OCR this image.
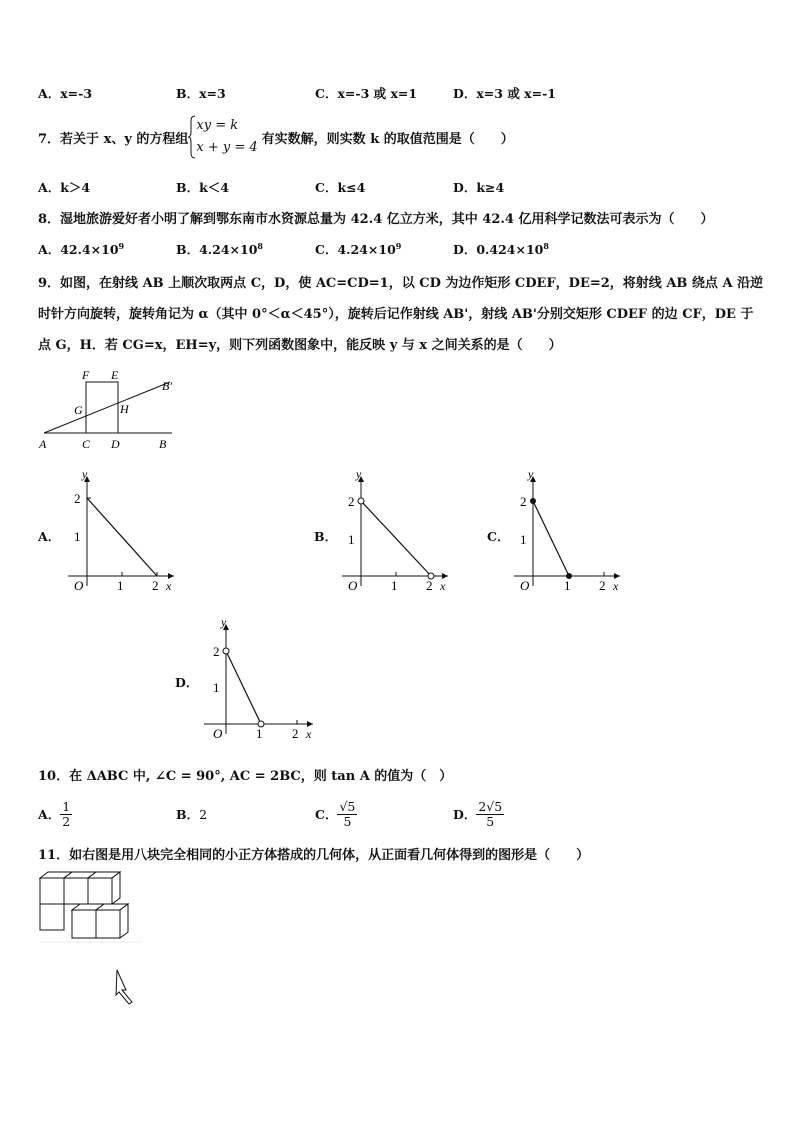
A．x=-3	B．x=3	C．x=-3 或 x=1	D．x=3 或 x=-1
7．若关于 x、y 的方程组
xy = k
x + y = 4
有实数解，则实数 k 的取值范围是（　　）
A．k＞4	B．k＜4	C．k≤4	D．k≥4
8．湿地旅游爱好者小明了解到鄂东南市水资源总量为 42.4 亿立方米，其中 42.4 亿用科学记数法可表示为（　　）
A．$42.4\times 10^9$	B．$4.24\times 10^8$	C．$4.24\times 10^9$	D．$0.424\times 10^8$
9．如图，在射线 AB 上顺次取两点 C，D，使 AC=CD=1，以 CD 为边作矩形 CDEF，DE=2，将射线 AB 绕点 A 沿逆
时针方向旋转，旋转角记为 α（其中 0°＜α＜45°），旋转后记作射线 AB'，射线 AB'分别交矩形 CDEF 的边 CF，DE 于
点 G，H．若 CG=x，EH=y，则下列函数图象中，能反映 y 与 x 之间关系的是（　　）
F E
B′
G	H
A	C D	B
A．
y
2
1
O	1 2 x
B．
y
2
1
O	1 2 x
C．
y
2
1
O	1 2 x
D．
y
2
1
O	1 2 x
10．在 ΔABC 中, ∠C = 90°, AC = 2BC，则 tan A 的值为（　）
A． $\frac{1}{2}$	B． 2	C． $\frac{√5}{5}$	D． $\frac{2√5}{5}$
11．如右图是用八块完全相同的小正方体搭成的几何体，从正面看几何体得到的图形是（　　）
